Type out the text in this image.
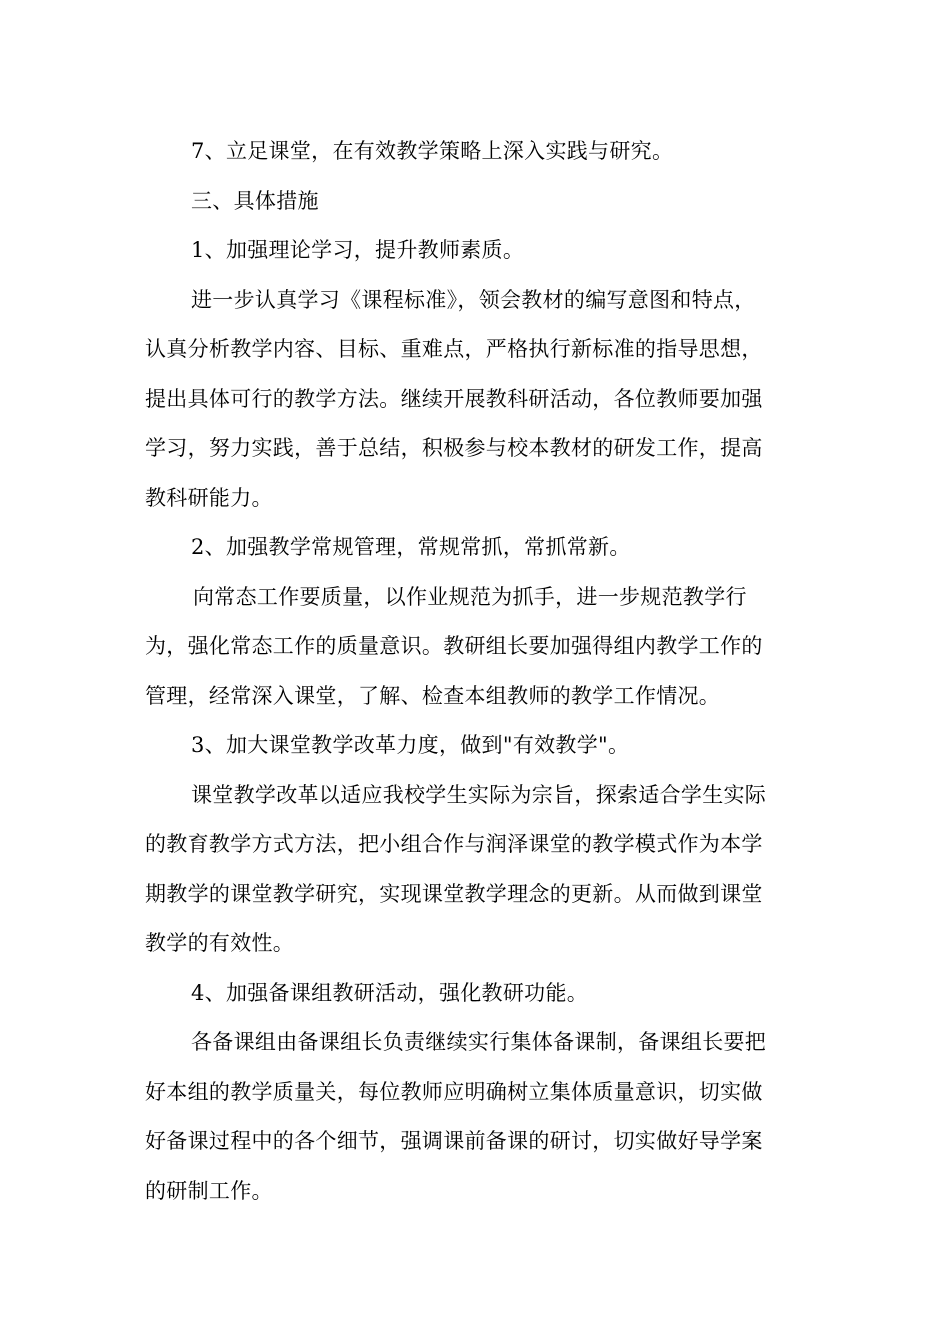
7、立足课堂，在有效教学策略上深入实践与研究。
三、具体措施
1、加强理论学习，提升教师素质。
进一步认真学习《课程标准》，领会教材的编写意图和特点，
认真分析教学内容、目标、重难点，严格执行新标准的指导思想，
提出具体可行的教学方法。继续开展教科研活动，各位教师要加强
学习，努力实践，善于总结，积极参与校本教材的研发工作，提高
教科研能力。
2、加强教学常规管理，常规常抓，常抓常新。
向常态工作要质量，以作业规范为抓手，进一步规范教学行
为，强化常态工作的质量意识。教研组长要加强得组内教学工作的
管理，经常深入课堂，了解、检查本组教师的教学工作情况。
3、加大课堂教学改革力度，做到"有效教学"。
课堂教学改革以适应我校学生实际为宗旨，探索适合学生实际
的教育教学方式方法，把小组合作与润泽课堂的教学模式作为本学
期教学的课堂教学研究，实现课堂教学理念的更新。从而做到课堂
教学的有效性。
4、加强备课组教研活动，强化教研功能。
各备课组由备课组长负责继续实行集体备课制，备课组长要把
好本组的教学质量关，每位教师应明确树立集体质量意识，切实做
好备课过程中的各个细节，强调课前备课的研讨，切实做好导学案
的研制工作。
